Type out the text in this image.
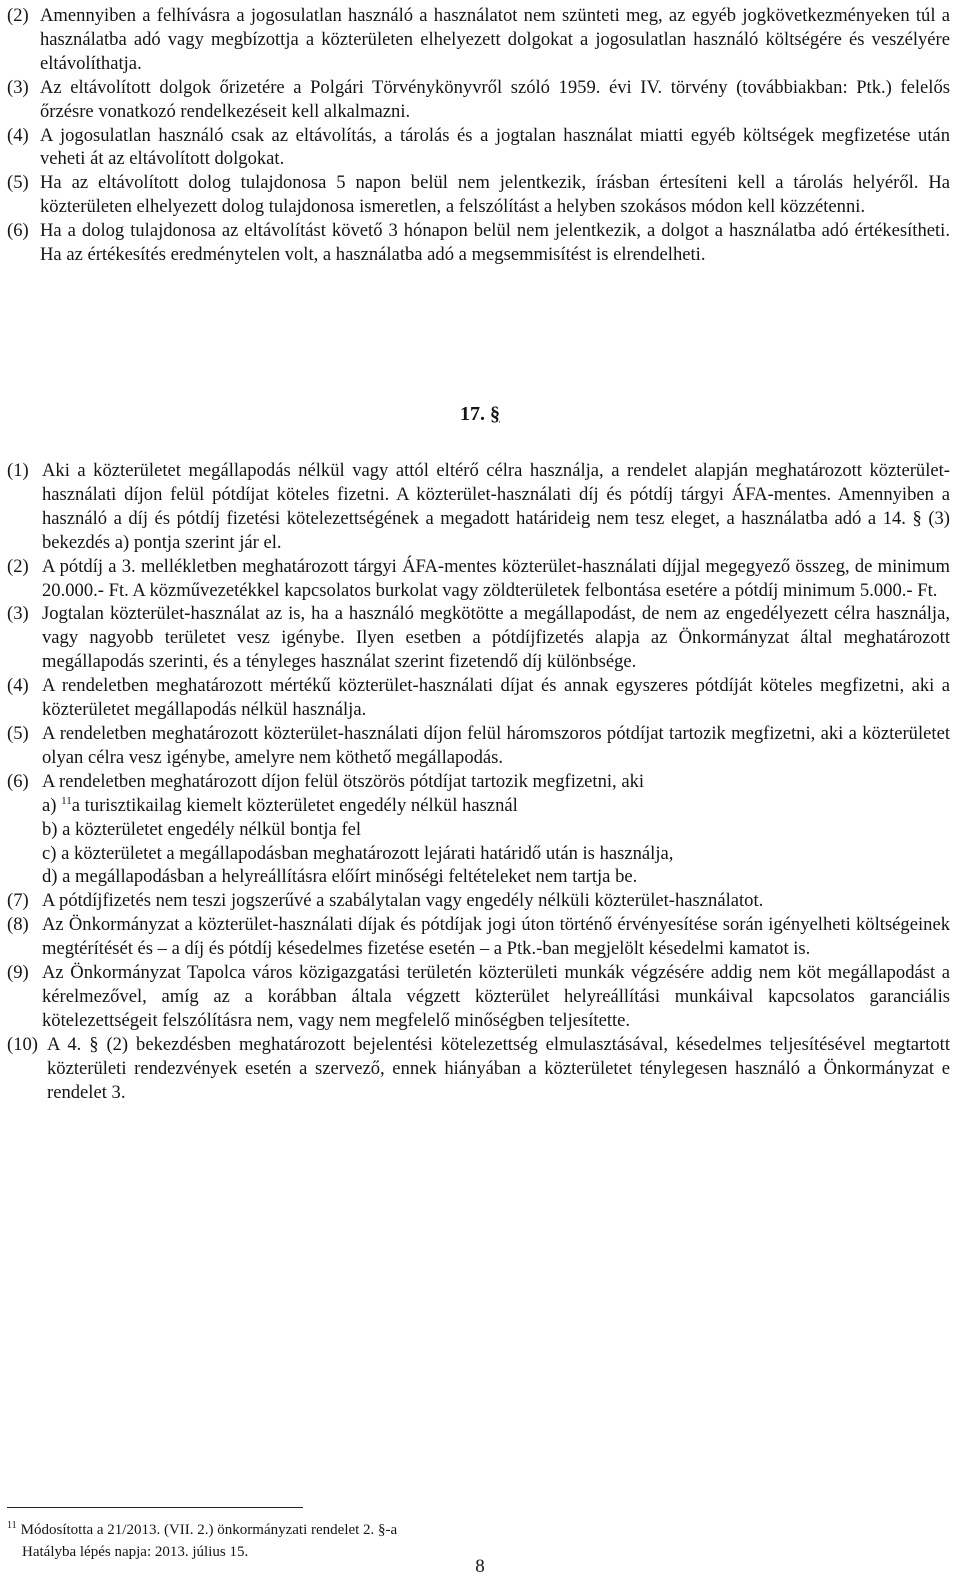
(2) Amennyiben a felhívásra a jogosulatlan használó a használatot nem szünteti meg, az egyéb jogkövetkezményeken túl a használatba adó vagy megbízottja a közterületen elhelyezett dolgokat a jogosulatlan használó költségére és veszélyére eltávolíthatja.
(3) Az eltávolított dolgok őrizetére a Polgári Törvénykönyvről szóló 1959. évi IV. törvény (továbbiakban: Ptk.) felelős őrzésre vonatkozó rendelkezéseit kell alkalmazni.
(4) A jogosulatlan használó csak az eltávolítás, a tárolás és a jogtalan használat miatti egyéb költségek megfizetése után veheti át az eltávolított dolgokat.
(5) Ha az eltávolított dolog tulajdonosa 5 napon belül nem jelentkezik, írásban értesíteni kell a tárolás helyéről. Ha közterületen elhelyezett dolog tulajdonosa ismeretlen, a felszólítást a helyben szokásos módon kell közzétenni.
(6) Ha a dolog tulajdonosa az eltávolítást követő 3 hónapon belül nem jelentkezik, a dolgot a használatba adó értékesítheti. Ha az értékesítés eredménytelen volt, a használatba adó a megsemmisítést is elrendelheti.
17. §
(1) Aki a közterületet megállapodás nélkül vagy attól eltérő célra használja, a rendelet alapján meghatározott közterület-használati díjon felül pótdíjat köteles fizetni. A közterület-használati díj és pótdíj tárgyi ÁFA-mentes. Amennyiben a használó a díj és pótdíj fizetési kötelezettségének a megadott határideig nem tesz eleget, a használatba adó a 14. § (3) bekezdés a) pontja szerint jár el.
(2) A pótdíj a 3. mellékletben meghatározott tárgyi ÁFA-mentes közterület-használati díjjal megegyező összeg, de minimum 20.000.- Ft. A közművezetékkel kapcsolatos burkolat vagy zöldterületek felbontása esetére a pótdíj minimum 5.000.- Ft.
(3) Jogtalan közterület-használat az is, ha a használó megkötötte a megállapodást, de nem az engedélyezett célra használja, vagy nagyobb területet vesz igénybe. Ilyen esetben a pótdíjfizetés alapja az Önkormányzat által meghatározott megállapodás szerinti, és a tényleges használat szerint fizetendő díj különbsége.
(4) A rendeletben meghatározott mértékű közterület-használati díjat és annak egyszeres pótdíját köteles megfizetni, aki a közterületet megállapodás nélkül használja.
(5) A rendeletben meghatározott közterület-használati díjon felül háromszoros pótdíjat tartozik megfizetni, aki a közterületet olyan célra vesz igénybe, amelyre nem köthető megállapodás.
(6) A rendeletben meghatározott díjon felül ötszörös pótdíjat tartozik megfizetni, aki
a) $^{11}$a turisztikailag kiemelt közterületet engedély nélkül használ
b) a közterületet engedély nélkül bontja fel
c) a közterületet a megállapodásban meghatározott lejárati határidő után is használja,
d) a megállapodásban a helyreállításra előírt minőségi feltételeket nem tartja be.
(7) A pótdíjfizetés nem teszi jogszerűvé a szabálytalan vagy engedély nélküli közterület-használatot.
(8) Az Önkormányzat a közterület-használati díjak és pótdíjak jogi úton történő érvényesítése során igényelheti költségeinek megtérítését és – a díj és pótdíj késedelmes fizetése esetén – a Ptk.-ban megjelölt késedelmi kamatot is.
(9) Az Önkormányzat Tapolca város közigazgatási területén közterületi munkák végzésére addig nem köt megállapodást a kérelmezővel, amíg az a korábban általa végzett közterület helyreállítási munkáival kapcsolatos garanciális kötelezettségeit felszólításra nem, vagy nem megfelelő minőségben teljesítette.
(10) A 4. § (2) bekezdésben meghatározott bejelentési kötelezettség elmulasztásával, késedelmes teljesítésével megtartott közterületi rendezvények esetén a szervező, ennek hiányában a közterületet ténylegesen használó a Önkormányzat e rendelet 3.
$^{11}$ Módosította a 21/2013. (VII. 2.) önkormányzati rendelet 2. §-a
Hatályba lépés napja: 2013. július 15.
8
